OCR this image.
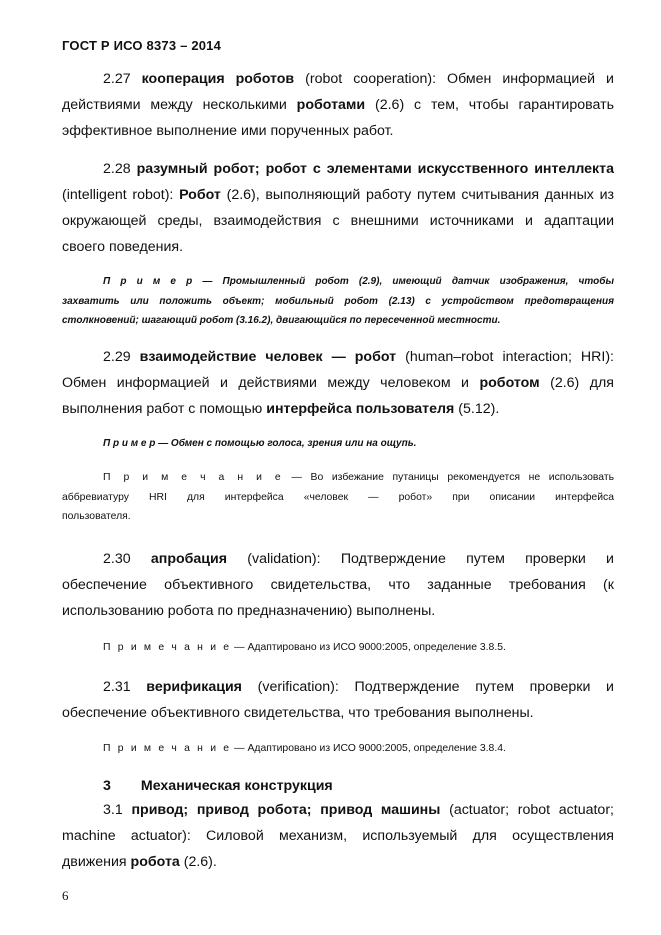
ГОСТ Р ИСО 8373 – 2014
2.27 кооперация роботов (robot cooperation): Обмен информацией и
действиями между несколькими роботами (2.6) с тем, чтобы гарантировать
эффективное выполнение ими порученных работ.
2.28 разумный робот; робот с элементами искусственного интеллекта
(intelligent robot): Робот (2.6), выполняющий работу путем считывания данных из
окружающей среды, взаимодействия с внешними источниками и адаптации
своего поведения.
П р и м е р — Промышленный робот (2.9), имеющий датчик изображения, чтобы
захватить или положить объект; мобильный робот (2.13) с устройством предотвращения
столкновений; шагающий робот (3.16.2), двигающийся по пересеченной местности.
2.29 взаимодействие человек — робот (human–robot interaction; HRI):
Обмен информацией и действиями между человеком и роботом (2.6) для
выполнения работ с помощью интерфейса пользователя (5.12).
П р и м е р — Обмен с помощью голоса, зрения или на ощупь.
П р и м е ч а н и е — Во избежание путаницы рекомендуется не использовать
аббревиатуру HRI для интерфейса «человек — робот» при описании интерфейса
пользователя.
2.30 апробация (validation): Подтверждение путем проверки и
обеспечение объективного свидетельства, что заданные требования (к
использованию робота по предназначению) выполнены.
П р и м е ч а н и е — Адаптировано из ИСО 9000:2005, определение 3.8.5.
2.31 верификация (verification): Подтверждение путем проверки и
обеспечение объективного свидетельства, что требования выполнены.
П р и м е ч а н и е — Адаптировано из ИСО 9000:2005, определение 3.8.4.
3 Механическая конструкция
3.1 привод; привод робота; привод машины (actuator; robot actuator;
machine actuator): Силовой механизм, используемый для осуществления
движения робота (2.6).
6
